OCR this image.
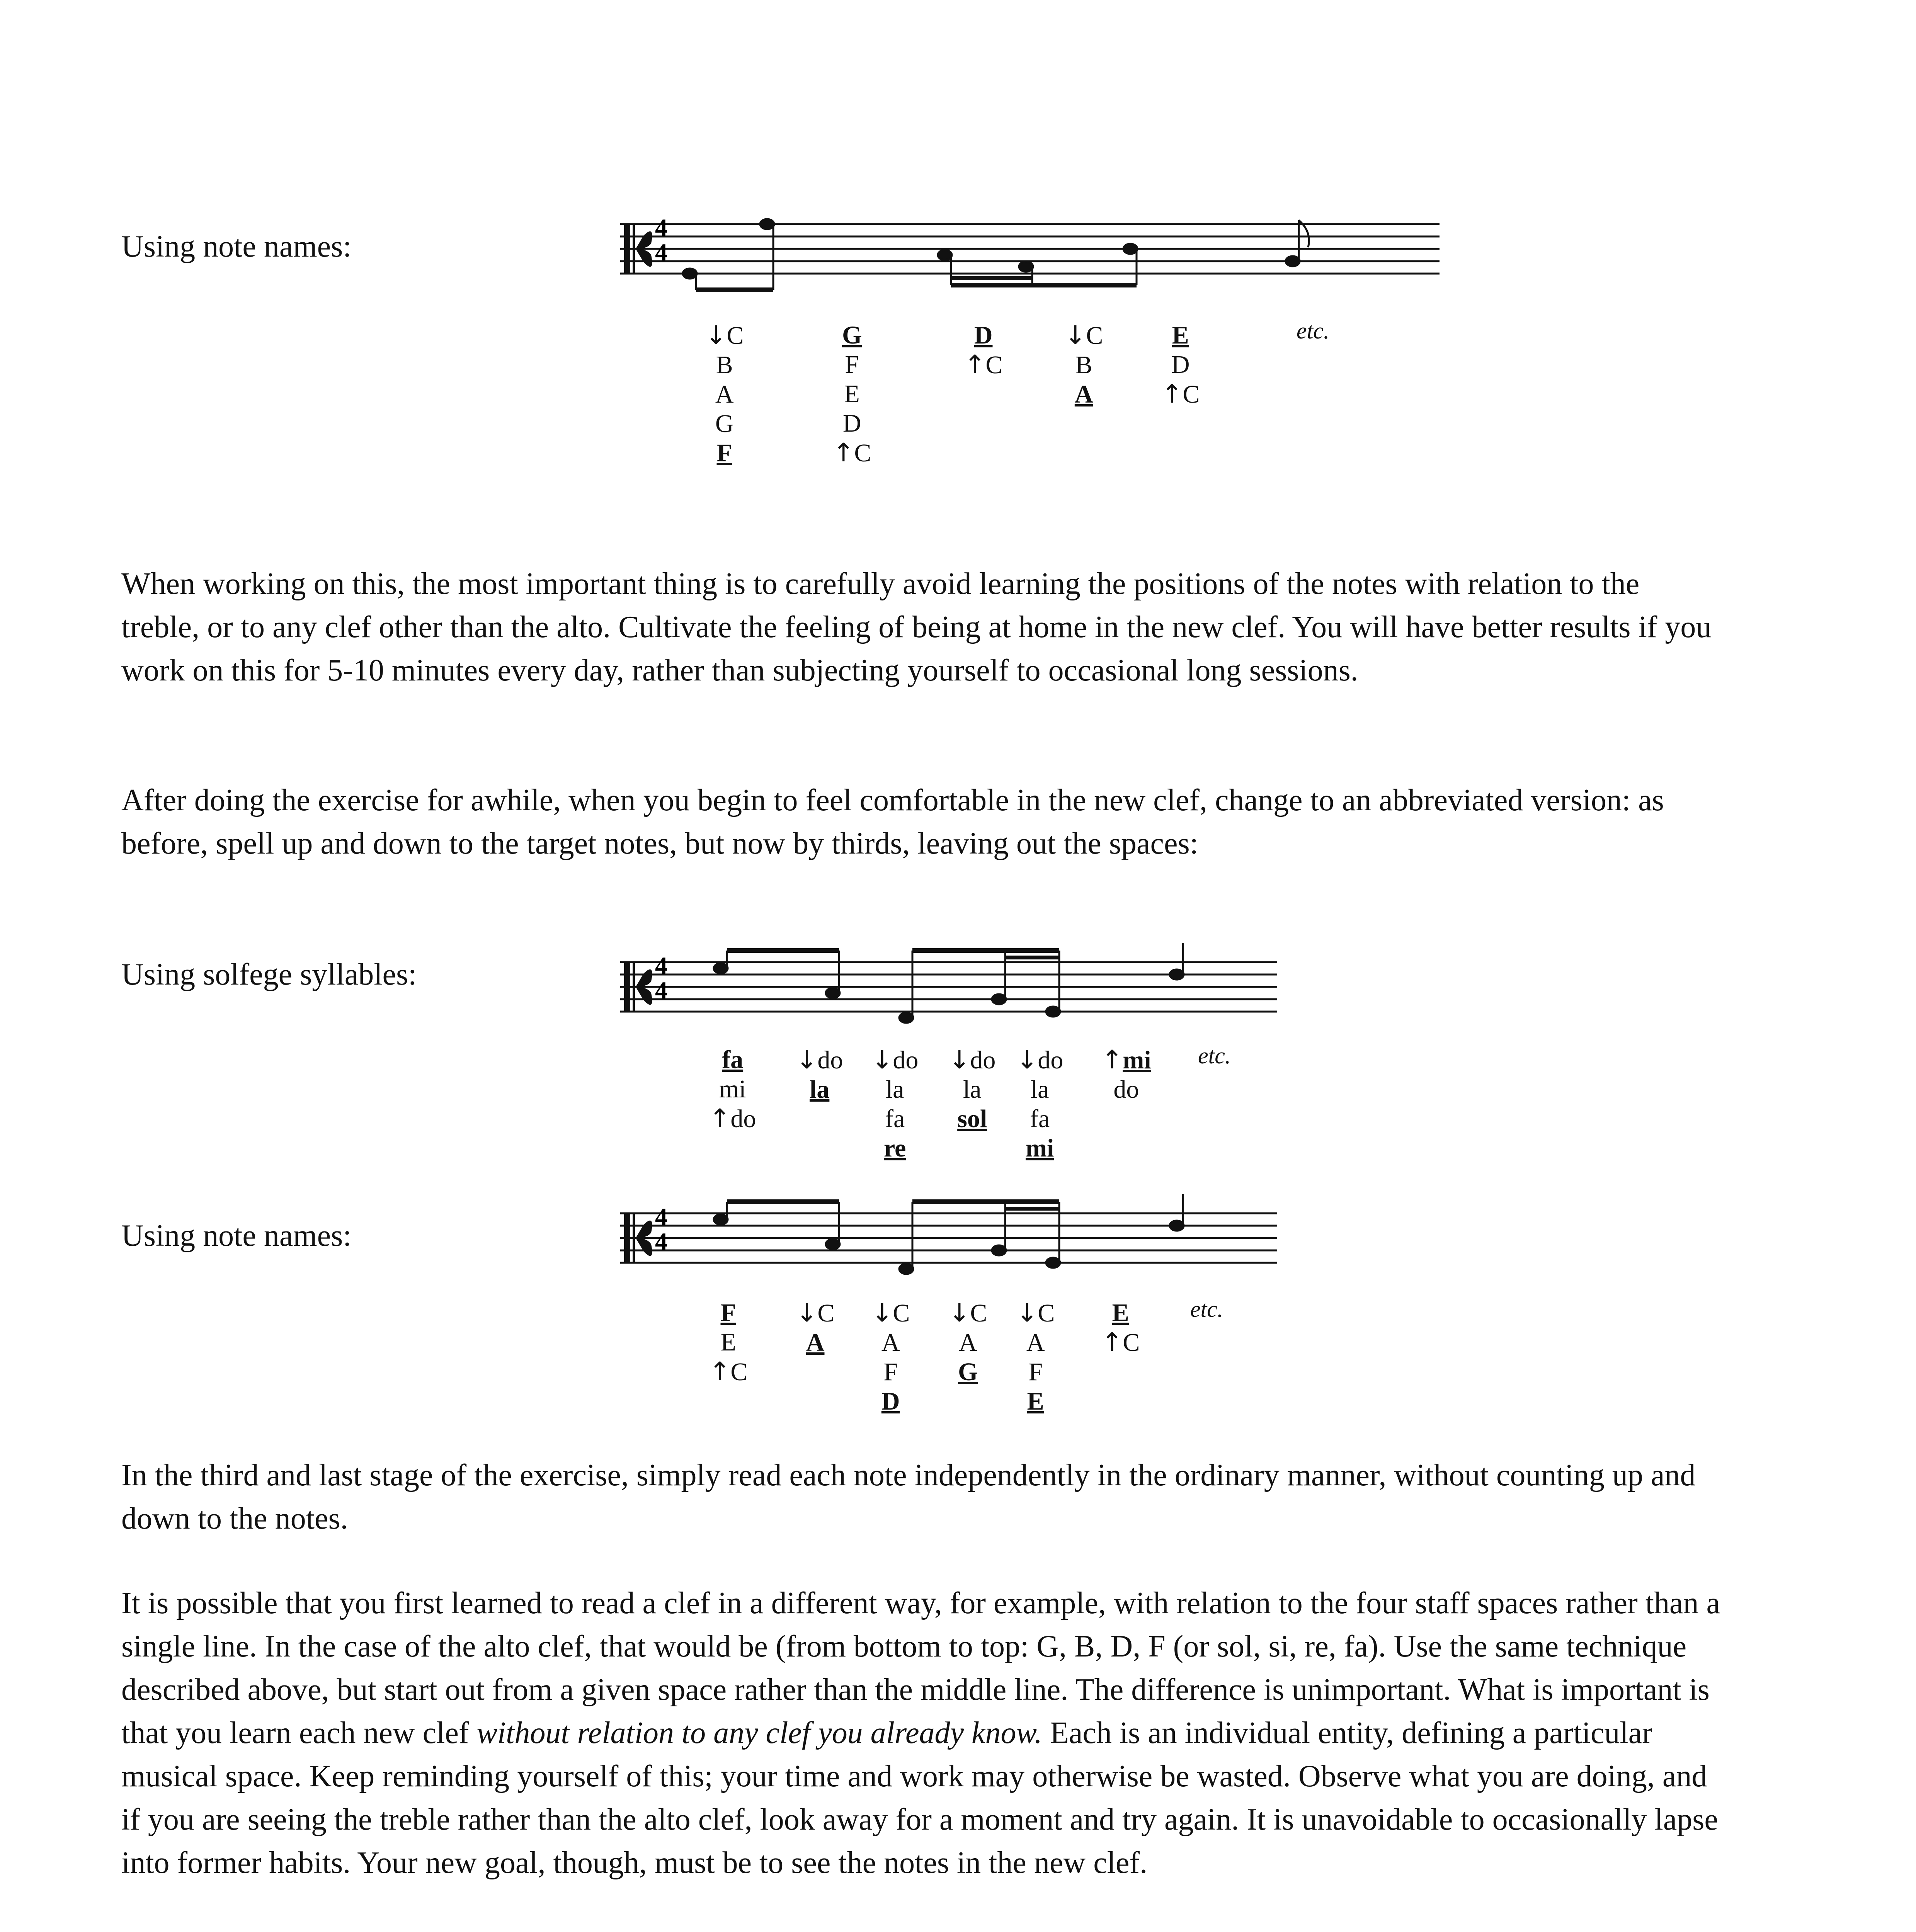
Using note names:
4
4
↓C
B
A
G
F
G
F
E
D
↑C
D
↑C
↓C
B
A
E
D
↑C
etc.

When working on this, the most important thing is to carefully avoid learning the positions of the notes with relation to the treble, or to any clef other than the alto. Cultivate the feeling of being at home in the new clef. You will have better results if you work on this for 5-10 minutes every day, rather than subjecting yourself to occasional long sessions.

After doing the exercise for awhile, when you begin to feel comfortable in the new clef, change to an abbreviated version: as before, spell up and down to the target notes, but now by thirds, leaving out the spaces:

Using solfege syllables:	4
4
fa
mi
↑do
↓do
la
↓do
la
fa
re
↓do
la
sol
↓do
la
fa
mi
↑mi
do
etc.
Using note names:
4
4
F
E
↑C
↓C
A
↓C
A
F
D
↓C
A
G
↓C
A
F
E
E
↑C
etc.

In the third and last stage of the exercise, simply read each note independently in the ordinary manner, without counting up and down to the notes.

It is possible that you first learned to read a clef in a different way, for example, with relation to the four staff spaces rather than a single line. In the case of the alto clef, that would be (from bottom to top: G, B, D, F (or sol, si, re, fa). Use the same technique described above, but start out from a given space rather than the middle line. The difference is unimportant. What is important is that you learn each new clef without relation to any clef you already know. Each is an individual entity, defining a particular musical space. Keep reminding yourself of this; your time and work may otherwise be wasted. Observe what you are doing, and if you are seeing the treble rather than the alto clef, look away for a moment and try again. It is unavoidable to occasionally lapse into former habits. Your new goal, though, must be to see the notes in the new clef.
